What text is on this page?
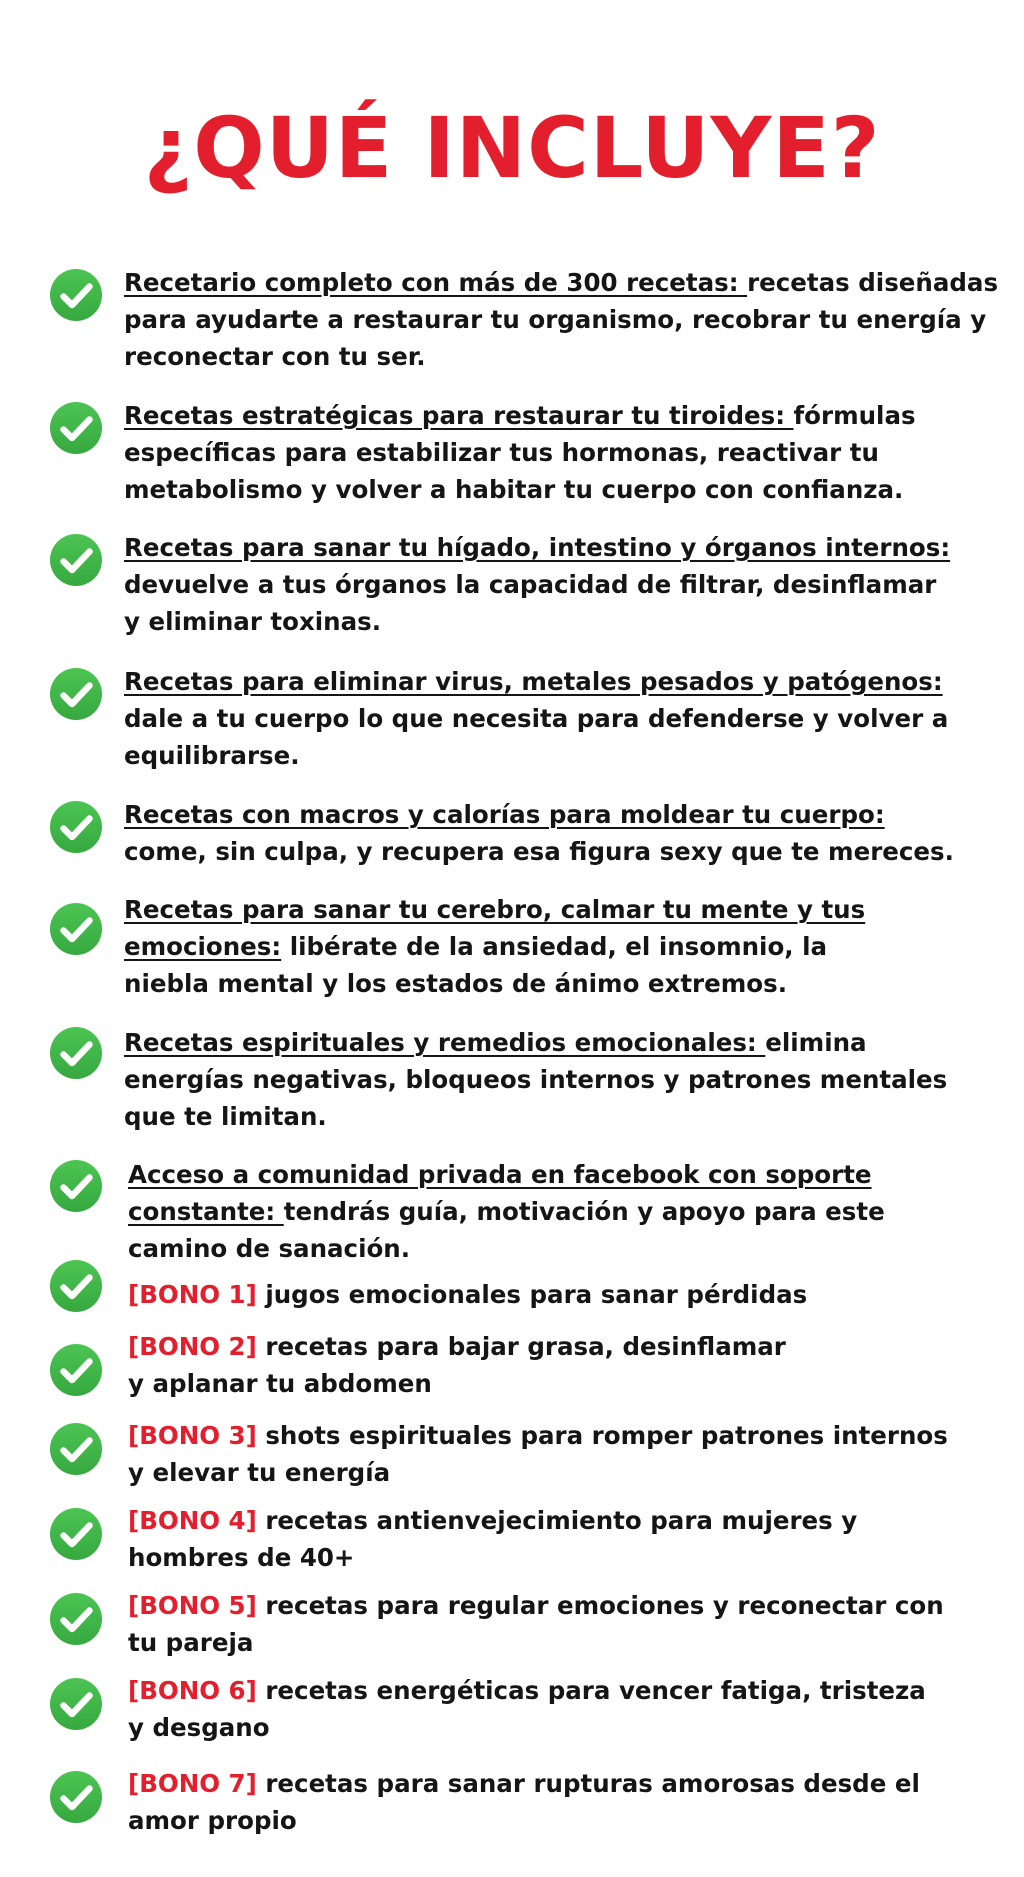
¿QUÉ INCLUYE?

Recetario completo con más de 300 recetas: recetas diseñadas
para ayudarte a restaurar tu organismo, recobrar tu energía y
reconectar con tu ser.

Recetas estratégicas para restaurar tu tiroides: fórmulas
específicas para estabilizar tus hormonas, reactivar tu
metabolismo y volver a habitar tu cuerpo con confianza.

Recetas para sanar tu hígado, intestino y órganos internos:
devuelve a tus órganos la capacidad de filtrar, desinflamar
y eliminar toxinas.

Recetas para eliminar virus, metales pesados y patógenos:
dale a tu cuerpo lo que necesita para defenderse y volver a
equilibrarse.

Recetas con macros y calorías para moldear tu cuerpo:
come, sin culpa, y recupera esa figura sexy que te mereces.

Recetas para sanar tu cerebro, calmar tu mente y tus
emociones: libérate de la ansiedad, el insomnio, la
niebla mental y los estados de ánimo extremos.

Recetas espirituales y remedios emocionales: elimina
energías negativas, bloqueos internos y patrones mentales
que te limitan.

Acceso a comunidad privada en facebook con soporte
constante: tendrás guía, motivación y apoyo para este
camino de sanación.

[BONO 1] jugos emocionales para sanar pérdidas

[BONO 2] recetas para bajar grasa, desinflamar
y aplanar tu abdomen

[BONO 3] shots espirituales para romper patrones internos
y elevar tu energía

[BONO 4] recetas antienvejecimiento para mujeres y
hombres de 40+

[BONO 5] recetas para regular emociones y reconectar con
tu pareja

[BONO 6] recetas energéticas para vencer fatiga, tristeza
y desgano

[BONO 7] recetas para sanar rupturas amorosas desde el
amor propio
